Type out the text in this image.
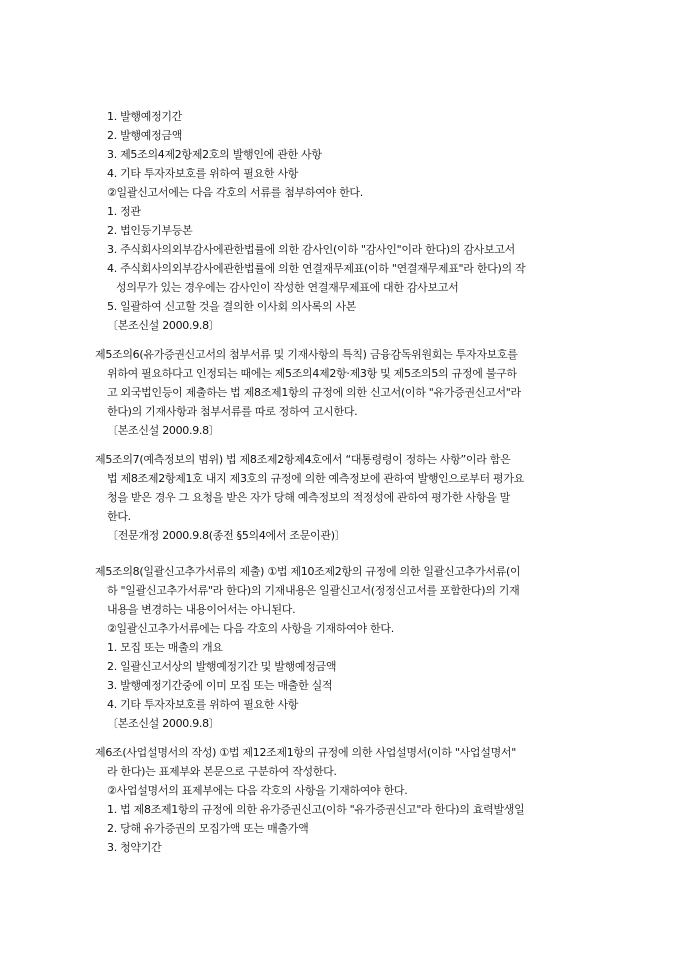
1. 발행예정기간
2. 발행예정금액
3. 제5조의4제2항제2호의 발행인에 관한 사항
4. 기타 투자자보호를 위하여 필요한 사항
②일괄신고서에는 다음 각호의 서류를 첨부하여야 한다.
1. 정관
2. 법인등기부등본
3. 주식회사의외부감사에관한법률에 의한 감사인(이하 "감사인"이라 한다)의 감사보고서
4. 주식회사의외부감사에관한법률에 의한 연결재무제표(이하 "연결재무제표"라 한다)의 작
성의무가 있는 경우에는 감사인이 작성한 연결재무제표에 대한 감사보고서
5. 일괄하여 신고할 것을 결의한 이사회 의사록의 사본
〔본조신설 2000.9.8〕
제5조의6(유가증권신고서의 첨부서류 및 기재사항의 특칙) 금융감독위원회는 투자자보호를
위하여 필요하다고 인정되는 때에는 제5조의4제2항·제3항 및 제5조의5의 규정에 불구하
고 외국법인등이 제출하는 법 제8조제1항의 규정에 의한 신고서(이하 "유가증권신고서"라
한다)의 기재사항과 첨부서류를 따로 정하여 고시한다.
〔본조신설 2000.9.8〕
제5조의7(예측정보의 범위) 법 제8조제2항제4호에서 “대통령령이 정하는 사항”이라 함은
법 제8조제2항제1호 내지 제3호의 규정에 의한 예측정보에 관하여 발행인으로부터 평가요
청을 받은 경우 그 요청을 받은 자가 당해 예측정보의 적정성에 관하여 평가한 사항을 말
한다.
〔전문개정 2000.9.8(종전 §5의4에서 조문이관)〕
제5조의8(일괄신고추가서류의 제출) ①법 제10조제2항의 규정에 의한 일괄신고추가서류(이
하 "일괄신고추가서류"라 한다)의 기재내용은 일괄신고서(정정신고서를 포함한다)의 기재
내용을 변경하는 내용이어서는 아니된다.
②일괄신고추가서류에는 다음 각호의 사항을 기재하여야 한다.
1. 모집 또는 매출의 개요
2. 일괄신고서상의 발행예정기간 및 발행예정금액
3. 발행예정기간중에 이미 모집 또는 매출한 실적
4. 기타 투자자보호를 위하여 필요한 사항
〔본조신설 2000.9.8〕
제6조(사업설명서의 작성) ①법 제12조제1항의 규정에 의한 사업설명서(이하 "사업설명서"
라 한다)는 표제부와 본문으로 구분하여 작성한다.
②사업설명서의 표제부에는 다음 각호의 사항을 기재하여야 한다.
1. 법 제8조제1항의 규정에 의한 유가증권신고(이하 "유가증권신고"라 한다)의 효력발생일
2. 당해 유가증권의 모집가액 또는 매출가액
3. 청약기간
